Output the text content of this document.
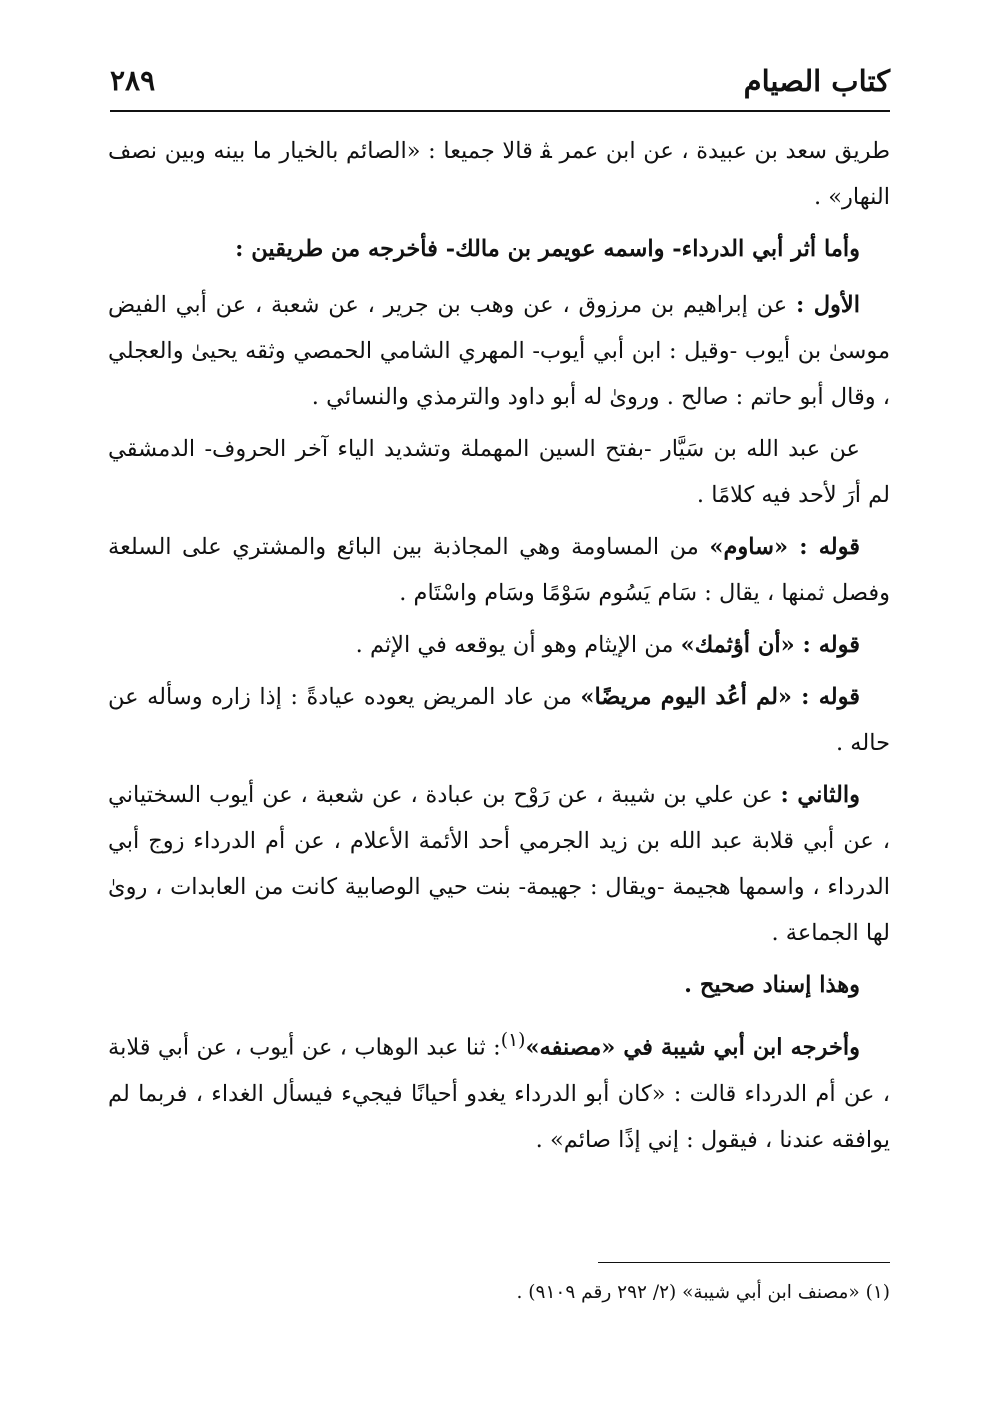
كتاب الصيام
٢٨٩

طريق سعد بن عبيدة ، عن ابن عمر ﭭ قالا جميعا : «الصائم بالخيار ما بينه وبين نصف النهار» .

وأما أثر أبي الدرداء- واسمه عويمر بن مالك- فأخرجه من طريقين :

الأول : عن إبراهيم بن مرزوق ، عن وهب بن جرير ، عن شعبة ، عن أبي الفيض موسىٰ بن أيوب -وقيل : ابن أبي أيوب- المهري الشامي الحمصي وثقه يحيىٰ والعجلي ، وقال أبو حاتم : صالح . وروىٰ له أبو داود والترمذي والنسائي .

عن عبد الله بن سَيَّار -بفتح السين المهملة وتشديد الياء آخر الحروف- الدمشقي لم أرَ لأحد فيه كلامًا .

قوله : «ساوم» من المساومة وهي المجاذبة بين البائع والمشتري على السلعة وفصل ثمنها ، يقال : سَام يَسُوم سَوْمًا وسَام واسْتَام .

قوله : «أن أؤثمك» من الإيثام وهو أن يوقعه في الإثم .

قوله : «لم أعُد اليوم مريضًا» من عاد المريض يعوده عيادةً : إذا زاره وسأله عن حاله .

والثاني : عن علي بن شيبة ، عن رَوْح بن عبادة ، عن شعبة ، عن أيوب السختياني ، عن أبي قلابة عبد الله بن زيد الجرمي أحد الأئمة الأعلام ، عن أم الدرداء زوج أبي الدرداء ، واسمها هجيمة -ويقال : جهيمة- بنت حيي الوصابية كانت من العابدات ، روىٰ لها الجماعة .

وهذا إسناد صحيح .

وأخرجه ابن أبي شيبة في «مصنفه»$^{(١)}$: ثنا عبد الوهاب ، عن أيوب ، عن أبي قلابة ، عن أم الدرداء قالت : «كان أبو الدرداء يغدو أحيانًا فيجيء فيسأل الغداء ، فربما لم يوافقه عندنا ، فيقول : إني إذًا صائم» .

(١) «مصنف ابن أبي شيبة» (٢/ ٢٩٢ رقم ٩١٠٩) .
